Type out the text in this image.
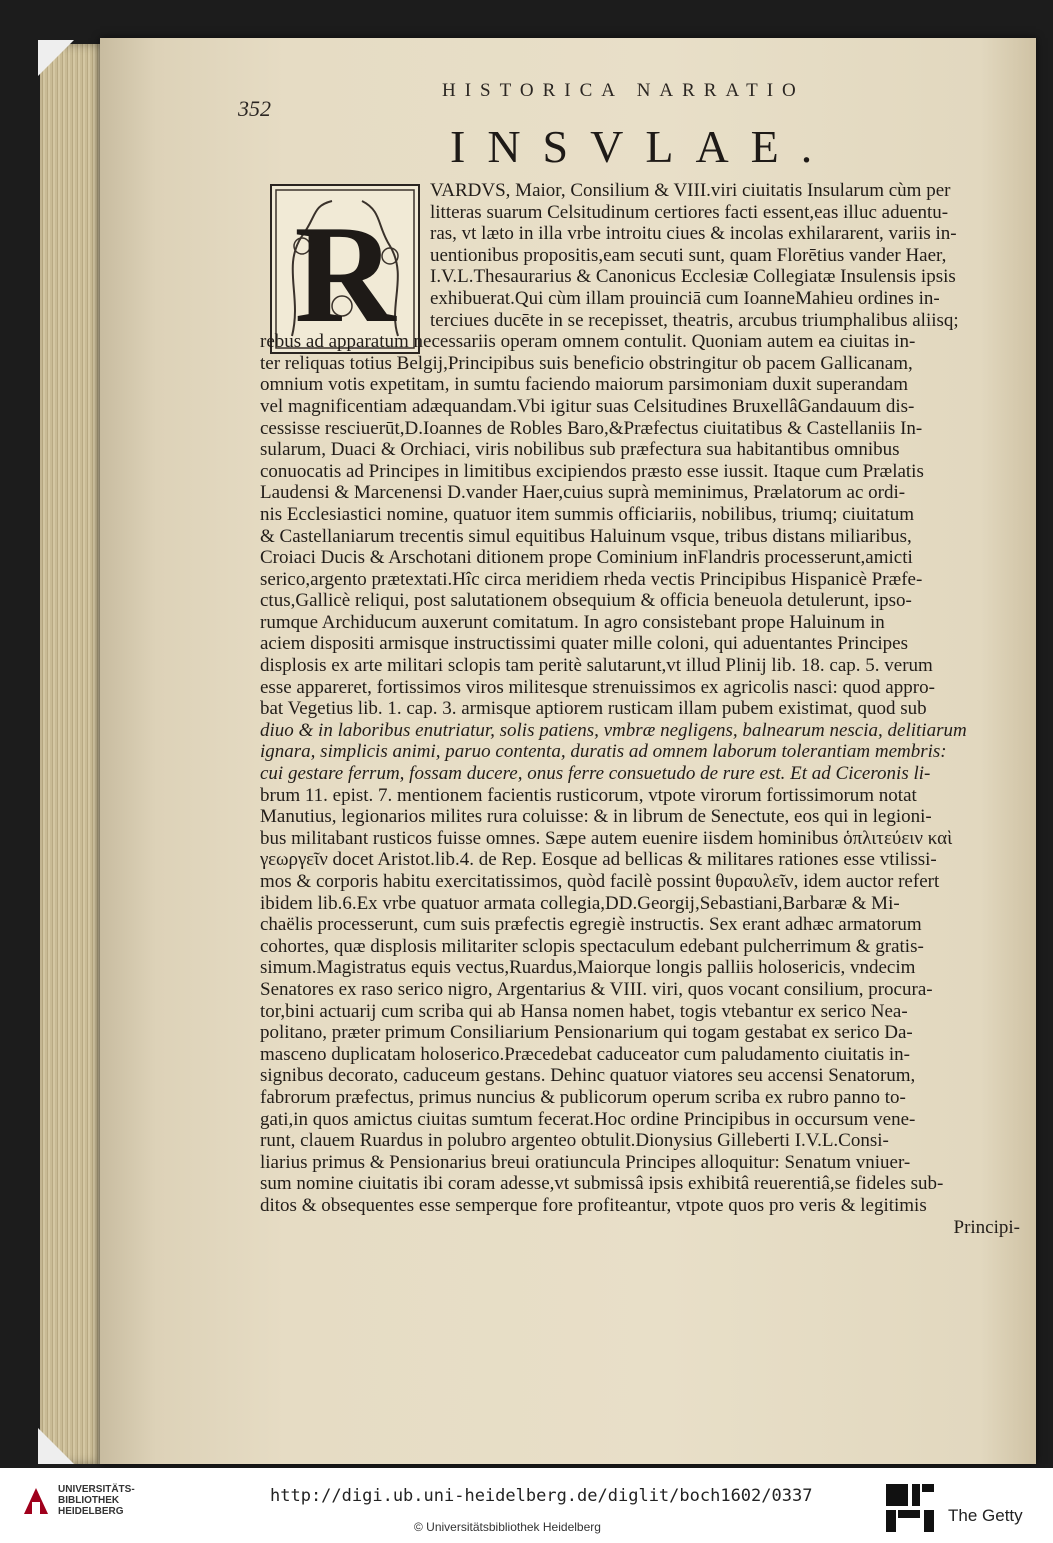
352
HISTORICA NARRATIO
INSVLAE.
R
VARDVS, Maior, Consilium & VIII.viri ciuitatis Insularum cùm per
litteras suarum Celsitudinum certiores facti essent,eas illuc aduentu-
ras, vt læto in illa vrbe introitu ciues & incolas exhilararent, variis in-
uentionibus propositis,eam secuti sunt, quam Florētius vander Haer,
I.V.L.Thesaurarius & Canonicus Ecclesiæ Collegiatæ Insulensis ipsis
exhibuerat.Qui cùm illam prouinciā cum IoanneMahieu ordines in-
terciues ducēte in se recepisset, theatris, arcubus triumphalibus aliisq;
rebus ad apparatum necessariis operam omnem contulit. Quoniam autem ea ciuitas in-
ter reliquas totius Belgij,Principibus suis beneficio obstringitur ob pacem Gallicanam,
omnium votis expetitam, in sumtu faciendo maiorum parsimoniam duxit superandam
vel magnificentiam adæquandam.Vbi igitur suas Celsitudines BruxellâGandauum dis-
cessisse resciuerūt,D.Ioannes de Robles Baro,&Præfectus ciuitatibus & Castellaniis In-
sularum, Duaci & Orchiaci, viris nobilibus sub præfectura sua habitantibus omnibus
conuocatis ad Principes in limitibus excipiendos præsto esse iussit. Itaque cum Prælatis
Laudensi & Marcenensi D.vander Haer,cuius suprà meminimus, Prælatorum ac ordi-
nis Ecclesiastici nomine, quatuor item summis officiariis, nobilibus, triumq; ciuitatum
& Castellaniarum trecentis simul equitibus Haluinum vsque, tribus distans miliaribus,
Croiaci Ducis & Arschotani ditionem prope Cominium inFlandris processerunt,amicti
serico,argento prætextati.Hîc circa meridiem rheda vectis Principibus Hispanicè Præfe-
ctus,Gallicè reliqui, post salutationem obsequium & officia beneuola detulerunt, ipso-
rumque Archiducum auxerunt comitatum. In agro consistebant prope Haluinum in
aciem dispositi armisque instructissimi quater mille coloni, qui aduentantes Principes
displosis ex arte militari sclopis tam peritè salutarunt,vt illud Plinij lib. 18. cap. 5. verum
esse appareret, fortissimos viros militesque strenuissimos ex agricolis nasci: quod appro-
bat Vegetius lib. 1. cap. 3. armisque aptiorem rusticam illam pubem existimat, quod sub
diuo & in laboribus enutriatur, solis patiens, vmbræ negligens, balnearum nescia, delitiarum
ignara, simplicis animi, paruo contenta, duratis ad omnem laborum tolerantiam membris:
cui gestare ferrum, fossam ducere, onus ferre consuetudo de rure est. Et ad Ciceronis li-
brum 11. epist. 7. mentionem facientis rusticorum, vtpote virorum fortissimorum notat
Manutius, legionarios milites rura coluisse: & in librum de Senectute, eos qui in legioni-
bus militabant rusticos fuisse omnes. Sæpe autem euenire iisdem hominibus ὁπλιτεύειν καὶ
γεωργεῖν docet Aristot.lib.4. de Rep. Eosque ad bellicas & militares rationes esse vtilissi-
mos & corporis habitu exercitatissimos, quòd facilè possint θυραυλεῖν, idem auctor refert
ibidem lib.6.Ex vrbe quatuor armata collegia,DD.Georgij,Sebastiani,Barbaræ & Mi-
chaëlis processerunt, cum suis præfectis egregiè instructis. Sex erant adhæc armatorum
cohortes, quæ displosis militariter sclopis spectaculum edebant pulcherrimum & gratis-
simum.Magistratus equis vectus,Ruardus,Maiorque longis palliis holosericis, vndecim
Senatores ex raso serico nigro, Argentarius & VIII. viri, quos vocant consilium, procura-
tor,bini actuarij cum scriba qui ab Hansa nomen habet, togis vtebantur ex serico Nea-
politano, præter primum Consiliarium Pensionarium qui togam gestabat ex serico Da-
masceno duplicatam holoserico.Præcedebat caduceator cum paludamento ciuitatis in-
signibus decorato, caduceum gestans. Dehinc quatuor viatores seu accensi Senatorum,
fabrorum præfectus, primus nuncius & publicorum operum scriba ex rubro panno to-
gati,in quos amictus ciuitas sumtum fecerat.Hoc ordine Principibus in occursum vene-
runt, clauem Ruardus in polubro argenteo obtulit.Dionysius Gilleberti I.V.L.Consi-
liarius primus & Pensionarius breui oratiuncula Principes alloquitur: Senatum vniuer-
sum nomine ciuitatis ibi coram adesse,vt submissâ ipsis exhibitâ reuerentiâ,se fideles sub-
ditos & obsequentes esse semperque fore profiteantur, vtpote quos pro veris & legitimis
Principi-
UNIVERSITÄTS-
BIBLIOTHEK
HEIDELBERG
http://digi.ub.uni-heidelberg.de/diglit/boch1602/0337
© Universitätsbibliothek Heidelberg
The Getty
